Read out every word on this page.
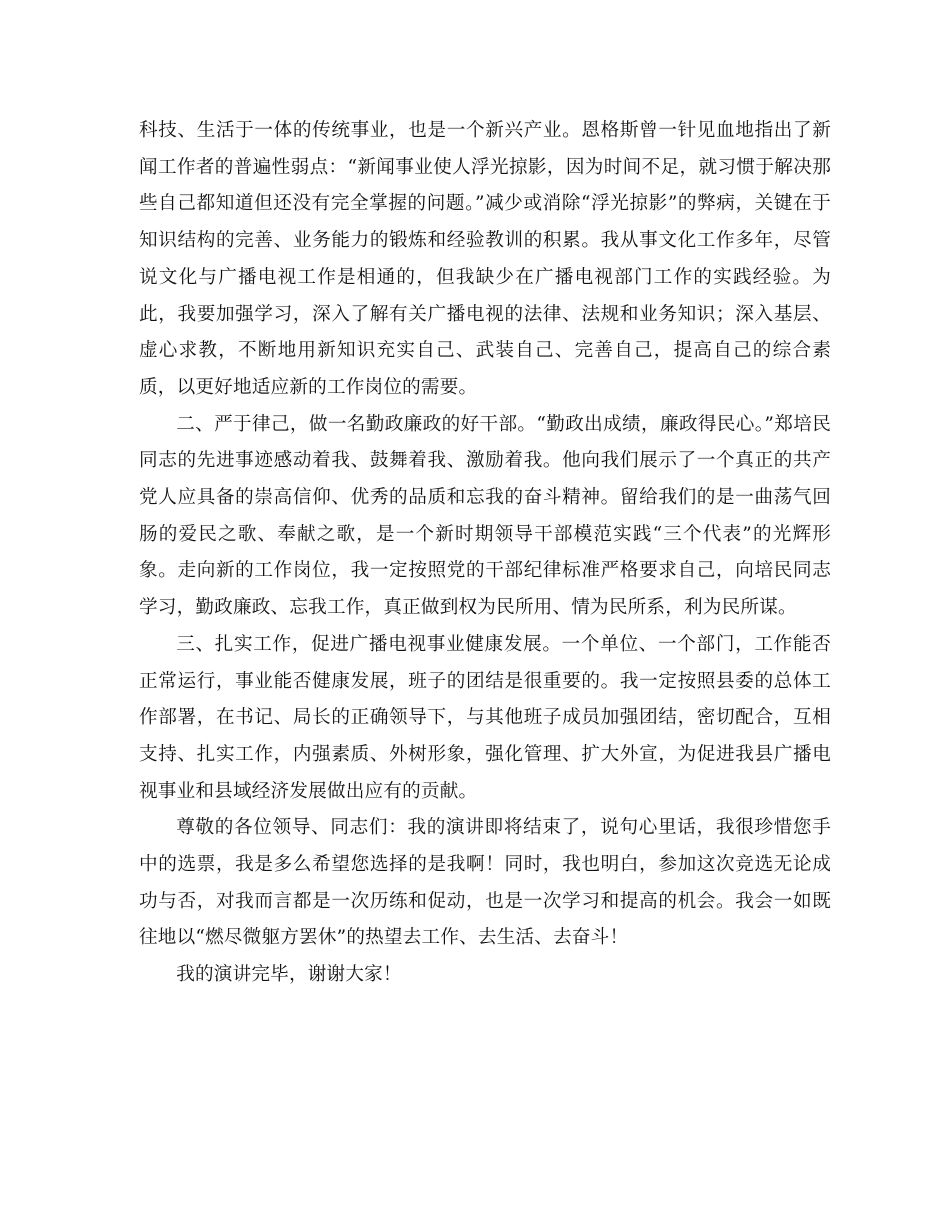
科技、生活于一体的传统事业，也是一个新兴产业。恩格斯曾一针见血地指出了新闻工作者的普遍性弱点：“新闻事业使人浮光掠影，因为时间不足，就习惯于解决那些自己都知道但还没有完全掌握的问题。”减少或消除“浮光掠影”的弊病，关键在于知识结构的完善、业务能力的锻炼和经验教训的积累。我从事文化工作多年，尽管说文化与广播电视工作是相通的，但我缺少在广播电视部门工作的实践经验。为此，我要加强学习，深入了解有关广播电视的法律、法规和业务知识；深入基层、虚心求教，不断地用新知识充实自己、武装自己、完善自己，提高自己的综合素质，以更好地适应新的工作岗位的需要。

二、严于律己，做一名勤政廉政的好干部。“勤政出成绩，廉政得民心。”郑培民同志的先进事迹感动着我、鼓舞着我、激励着我。他向我们展示了一个真正的共产党人应具备的崇高信仰、优秀的品质和忘我的奋斗精神。留给我们的是一曲荡气回肠的爱民之歌、奉献之歌，是一个新时期领导干部模范实践“三个代表”的光辉形象。走向新的工作岗位，我一定按照党的干部纪律标准严格要求自己，向培民同志学习，勤政廉政、忘我工作，真正做到权为民所用、情为民所系，利为民所谋。

三、扎实工作，促进广播电视事业健康发展。一个单位、一个部门，工作能否正常运行，事业能否健康发展，班子的团结是很重要的。我一定按照县委的总体工作部署，在书记、局长的正确领导下，与其他班子成员加强团结，密切配合，互相支持、扎实工作，内强素质、外树形象，强化管理、扩大外宣，为促进我县广播电视事业和县域经济发展做出应有的贡献。

尊敬的各位领导、同志们：我的演讲即将结束了，说句心里话，我很珍惜您手中的选票，我是多么希望您选择的是我啊！同时，我也明白，参加这次竞选无论成功与否，对我而言都是一次历练和促动，也是一次学习和提高的机会。我会一如既往地以“燃尽微躯方罢休”的热望去工作、去生活、去奋斗！

我的演讲完毕，谢谢大家！
